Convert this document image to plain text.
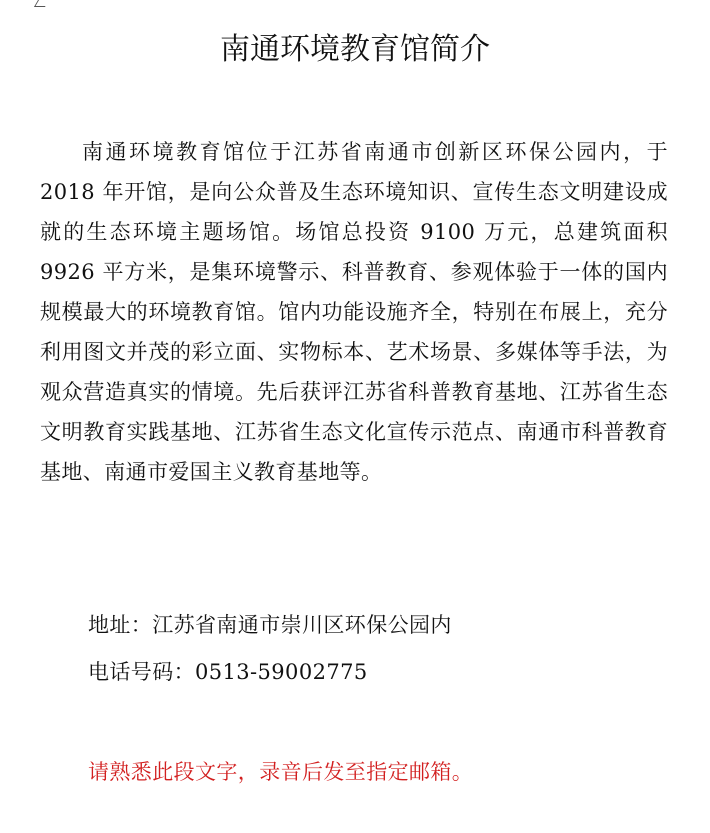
南通环境教育馆简介

南通环境教育馆位于江苏省南通市创新区环保公园内，于 2018 年开馆，是向公众普及生态环境知识、宣传生态文明建设成就的生态环境主题场馆。场馆总投资 9100 万元，总建筑面积 9926 平方米，是集环境警示、科普教育、参观体验于一体的国内规模最大的环境教育馆。馆内功能设施齐全，特别在布展上，充分利用图文并茂的彩立面、实物标本、艺术场景、多媒体等手法，为观众营造真实的情境。先后获评江苏省科普教育基地、江苏省生态文明教育实践基地、江苏省生态文化宣传示范点、南通市科普教育基地、南通市爱国主义教育基地等。

地址：江苏省南通市崇川区环保公园内
电话号码：0513-59002775
请熟悉此段文字，录音后发至指定邮箱。
